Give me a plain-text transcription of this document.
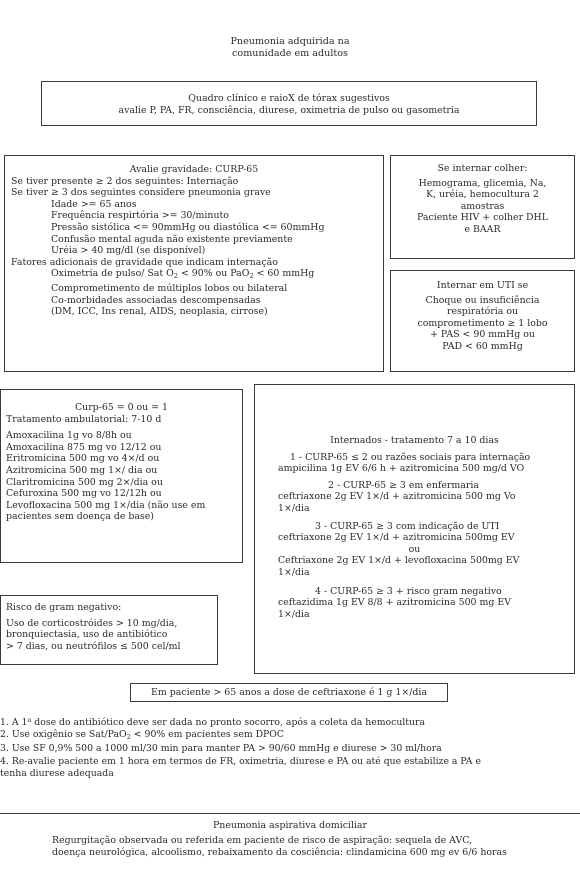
Pneumonia adquirida na
comunidade em adultos
Quadro clínico e raioX de tórax sugestivos
avalie P, PA, FR, consciência, diurese, oximetria de pulso ou gasometria
Avalie gravidade: CURP-65
Se tiver presente ≥ 2 dos seguintes: Internação
Se tiver ≥ 3 dos seguintes considere pneumonia grave
Idade >= 65 anos
Frequência respirtória >= 30/minuto
Pressão sistólica <= 90mmHg ou diastólica <= 60mmHg
Confusão mental aguda não existente previamente
Uréia > 40 mg/dl (se disponível)
Fatores adicionais de gravidade que indicam internação
Oximetria de pulso/ Sat $O_2 < 90\%$ ou PaO$_2$ < 60 mmHg
Comprometimento de múltiplos lobos ou bilateral
Co-morbidades associadas descompensadas
(DM, ICC, Ins renal, AIDS, neoplasia, cirrose)
Se internar colher:
Hemograma, glicemia, Na,
K, uréia, hemocultura 2
amostras
Paciente HIV + colher DHL
e BAAR
Internar em UTI se
Choque ou insuficiência
respiratória ou
comprometimento ≥ 1 lobo
+ PAS < 90 mmHg ou
PAD < 60 mmHg
Curp-65 = 0 ou = 1
Tratamento ambulatorial: 7-10 d
Amoxacilina 1g vo 8/8h ou
Amoxacilina 875 mg vo 12/12 ou
Eritromicina 500 mg vo 4×/d ou
Azitromicina 500 mg 1×/ dia ou
Claritromicina 500 mg 2×/dia ou
Cefuroxina 500 mg vo 12/12h ou
Levofloxacina 500 mg 1×/dia (não use em
pacientes sem doença de base)
Internados - tratamento 7 a 10 dias
1 - CURP-65 ≤ 2 ou razões sociais para internação
ampicilina 1g EV 6/6 h + azitromicina 500 mg/d VO
2 - CURP-65 ≥ 3 em enfermaria
ceftriaxone 2g EV 1×/d + azitromicina 500 mg Vo
1×/dia
3 - CURP-65 ≥ 3 com indicação de UTI
ceftriaxone 2g EV 1×/d + azitromicina 500mg EV
ou
Ceftriaxone 2g EV 1×/d + levofloxacina 500mg EV
1×/dia
4 - CURP-65 ≥ 3 + risco gram negativo
ceftazidima 1g EV 8/8 + azitromicina 500 mg EV
1×/dia
Risco de gram negativo:
Uso de corticostróides > 10 mg/dia,
bronquiectasia, uso de antibiótico
> 7 dias, ou neutrófilos ≤ 500 cel/ml
Em paciente > 65 anos a dose de ceftriaxone é 1 g 1×/dia
1. A 1$^a$ dose do antibiótico deve ser dada no pronto socorro, após a coleta da hemocultura
2. Use oxigênio se Sat/PaO$_2$ < 90% em pacientes sem DPOC
3. Use SF 0,9% 500 a 1000 ml/30 min para manter PA > 90/60 mmHg e diurese > 30 ml/hora
4. Re-avalie paciente em 1 hora em termos de FR, oximetria, diurese e PA ou até que estabilize a PA e
tenha diurese adequada
Pneumonia aspirativa domiciliar
Regurgitação observada ou referida em paciente de risco de aspiração: sequela de AVC,
doença neurológica, alcoolismo, rebaixamento da cosciência: clindamicina 600 mg ev 6/6 horas
